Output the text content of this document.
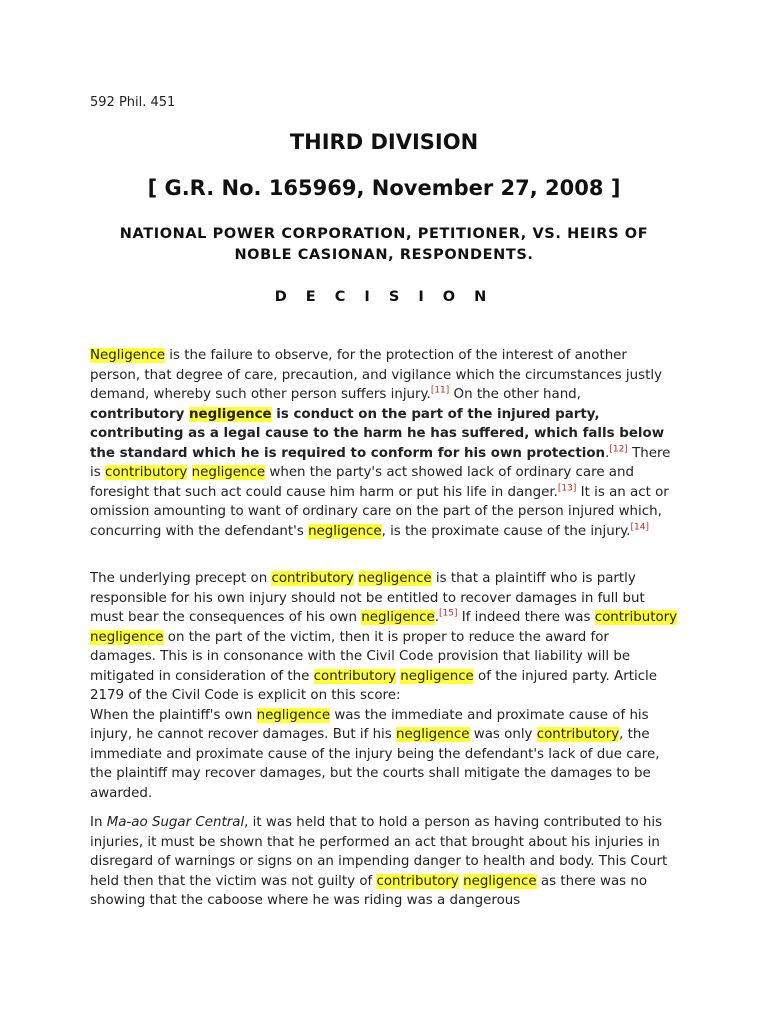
592 Phil. 451
THIRD DIVISION
[ G.R. No. 165969, November 27, 2008 ]
NATIONAL POWER CORPORATION, PETITIONER, VS. HEIRS OF NOBLE CASIONAN, RESPONDENTS.
D E C I S I O N

Negligence is the failure to observe, for the protection of the interest of another person, that degree of care, precaution, and vigilance which the circumstances justly demand, whereby such other person suffers injury.[11] On the other hand, contributory negligence is conduct on the part of the injured party, contributing as a legal cause to the harm he has suffered, which falls below the standard which he is required to conform for his own protection.[12] There is contributory negligence when the party's act showed lack of ordinary care and foresight that such act could cause him harm or put his life in danger.[13] It is an act or omission amounting to want of ordinary care on the part of the person injured which, concurring with the defendant's negligence, is the proximate cause of the injury.[14]

The underlying precept on contributory negligence is that a plaintiff who is partly responsible for his own injury should not be entitled to recover damages in full but must bear the consequences of his own negligence.[15] If indeed there was contributory negligence on the part of the victim, then it is proper to reduce the award for damages. This is in consonance with the Civil Code provision that liability will be mitigated in consideration of the contributory negligence of the injured party. Article 2179 of the Civil Code is explicit on this score:

When the plaintiff's own negligence was the immediate and proximate cause of his injury, he cannot recover damages. But if his negligence was only contributory, the immediate and proximate cause of the injury being the defendant's lack of due care, the plaintiff may recover damages, but the courts shall mitigate the damages to be awarded.

In Ma-ao Sugar Central, it was held that to hold a person as having contributed to his injuries, it must be shown that he performed an act that brought about his injuries in disregard of warnings or signs on an impending danger to health and body. This Court held then that the victim was not guilty of contributory negligence as there was no showing that the caboose where he was riding was a dangerous
